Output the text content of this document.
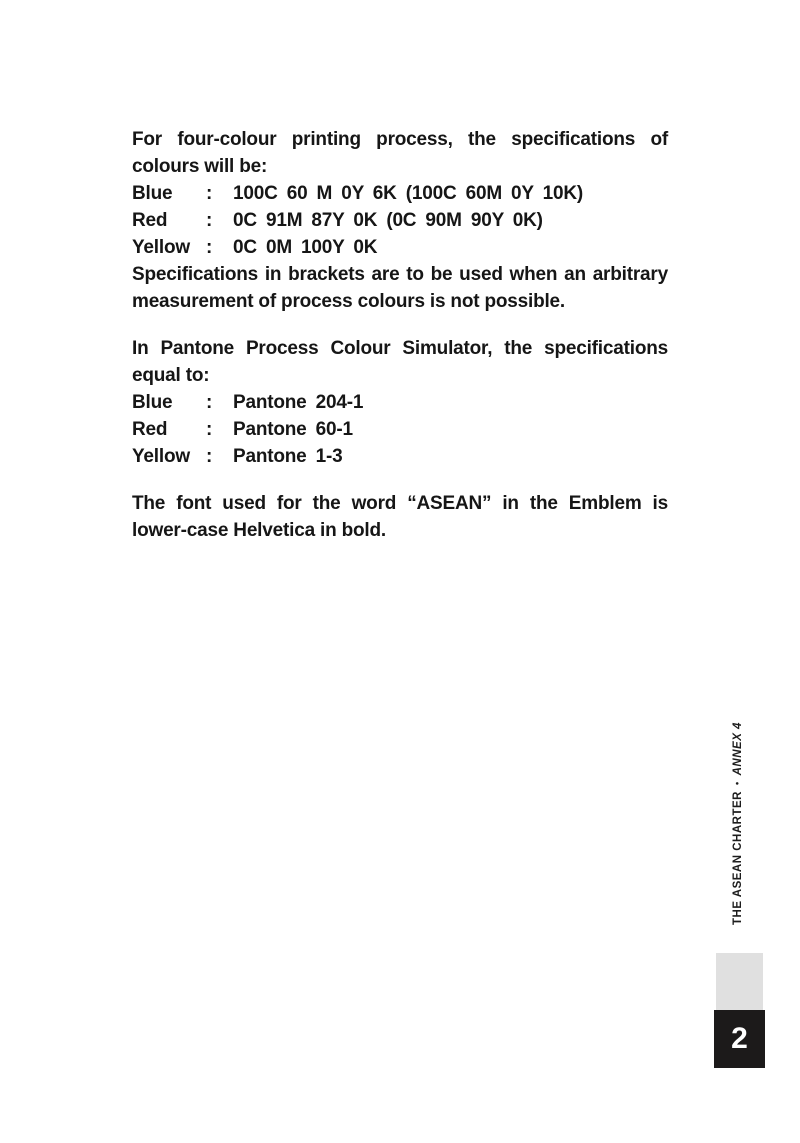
For four-colour printing process, the specifications of
colours will be:
Blue	:	100C 60 M 0Y 6K (100C 60M 0Y 10K)
Red	:	0C 91M 87Y 0K (0C 90M 90Y 0K)
Yellow :	0C 0M 100Y 0K
Specifications in brackets are to be used when an arbitrary
measurement of process colours is not possible.
In Pantone Process Colour Simulator, the specifications
equal to:
Blue	:	Pantone 204-1
Red	:	Pantone 60-1
Yellow :	Pantone 1-3
The font used for the word “ASEAN” in the Emblem is
lower-case Helvetica in bold.
THE ASEAN CHARTER•ANNEX 4
2
